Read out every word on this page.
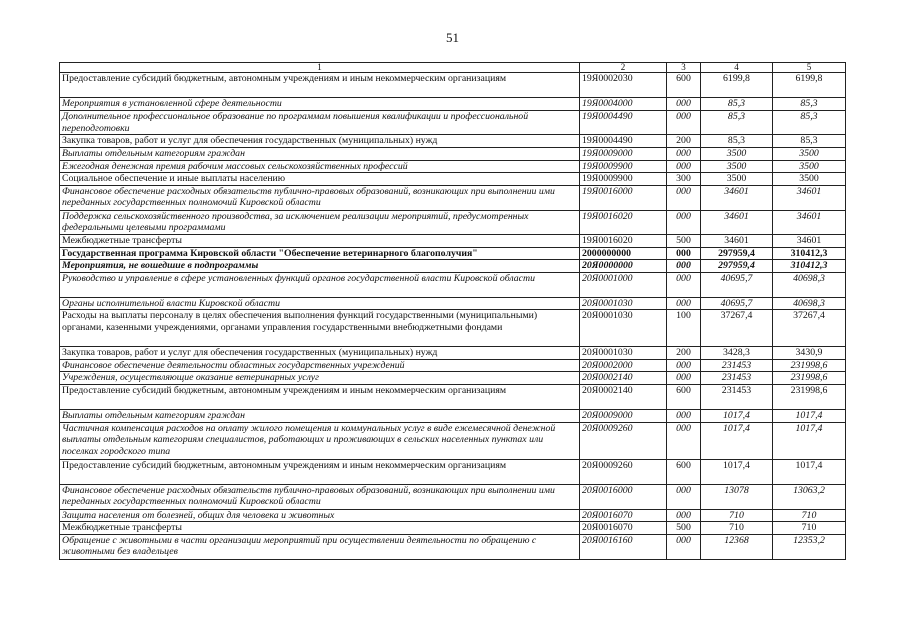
51
1	2	3	4	5
Предоставление субсидий бюджетным, автономным учреждениям и иным некоммерческим организациям	19Я0002030	600	6199,8	6199,8
Мероприятия в установленной сфере деятельности	19Я0004000	000	85,3	85,3
Дополнительное профессиональное образование по программам повышения квалификации и профессиональной переподготовки	19Я0004490	000	85,3	85,3
Закупка товаров, работ и услуг для обеспечения государственных (муниципальных) нужд	19Я0004490	200	85,3	85,3
Выплаты отдельным категориям граждан	19Я0009000	000	3500	3500
Ежегодная денежная премия рабочим массовых сельскохозяйственных профессий	19Я0009900	000	3500	3500
Социальное обеспечение и иные выплаты населению	19Я0009900	300	3500	3500
Финансовое обеспечение расходных обязательств публично-правовых образований, возникающих при выполнении ими переданных государственных полномочий Кировской области	19Я0016000	000	34601	34601
Поддержка сельскохозяйственного производства, за исключением реализации мероприятий, предусмотренных федеральными целевыми программами	19Я0016020	000	34601	34601
Межбюджетные трансферты	19Я0016020	500	34601	34601
Государственная программа Кировской области "Обеспечение ветеринарного благополучия"	2000000000	000	297959,4	310412,3
Мероприятия, не вошедшие в подпрограммы	20Я0000000	000	297959,4	310412,3
Руководство и управление в сфере установленных функций органов государственной власти Кировской области	20Я0001000	000	40695,7	40698,3
Органы исполнительной власти Кировской области	20Я0001030	000	40695,7	40698,3
Расходы на выплаты персоналу в целях обеспечения выполнения функций государственными (муниципальными) органами, казенными учреждениями, органами управления государственными внебюджетными фондами	20Я0001030	100	37267,4	37267,4
Закупка товаров, работ и услуг для обеспечения государственных (муниципальных) нужд	20Я0001030	200	3428,3	3430,9
Финансовое обеспечение деятельности областных государственных учреждений	20Я0002000	000	231453	231998,6
Учреждения, осуществляющие оказание ветеринарных услуг	20Я0002140	000	231453	231998,6
Предоставление субсидий бюджетным, автономным учреждениям и иным некоммерческим организациям	20Я0002140	600	231453	231998,6
Выплаты отдельным категориям граждан	20Я0009000	000	1017,4	1017,4
Частичная компенсация расходов на оплату жилого помещения и коммунальных услуг в виде ежемесячной денежной выплаты отдельным категориям специалистов, работающих и проживающих в сельских населенных пунктах или поселках городского типа	20Я0009260	000	1017,4	1017,4
Предоставление субсидий бюджетным, автономным учреждениям и иным некоммерческим организациям	20Я0009260	600	1017,4	1017,4
Финансовое обеспечение расходных обязательств публично-правовых образований, возникающих при выполнении ими переданных государственных полномочий Кировской области	20Я0016000	000	13078	13063,2
Защита населения от болезней, общих для человека и животных	20Я0016070	000	710	710
Межбюджетные трансферты	20Я0016070	500	710	710
Обращение с животными в части организации мероприятий при осуществлении деятельности по обращению с животными без владельцев	20Я0016160	000	12368	12353,2
